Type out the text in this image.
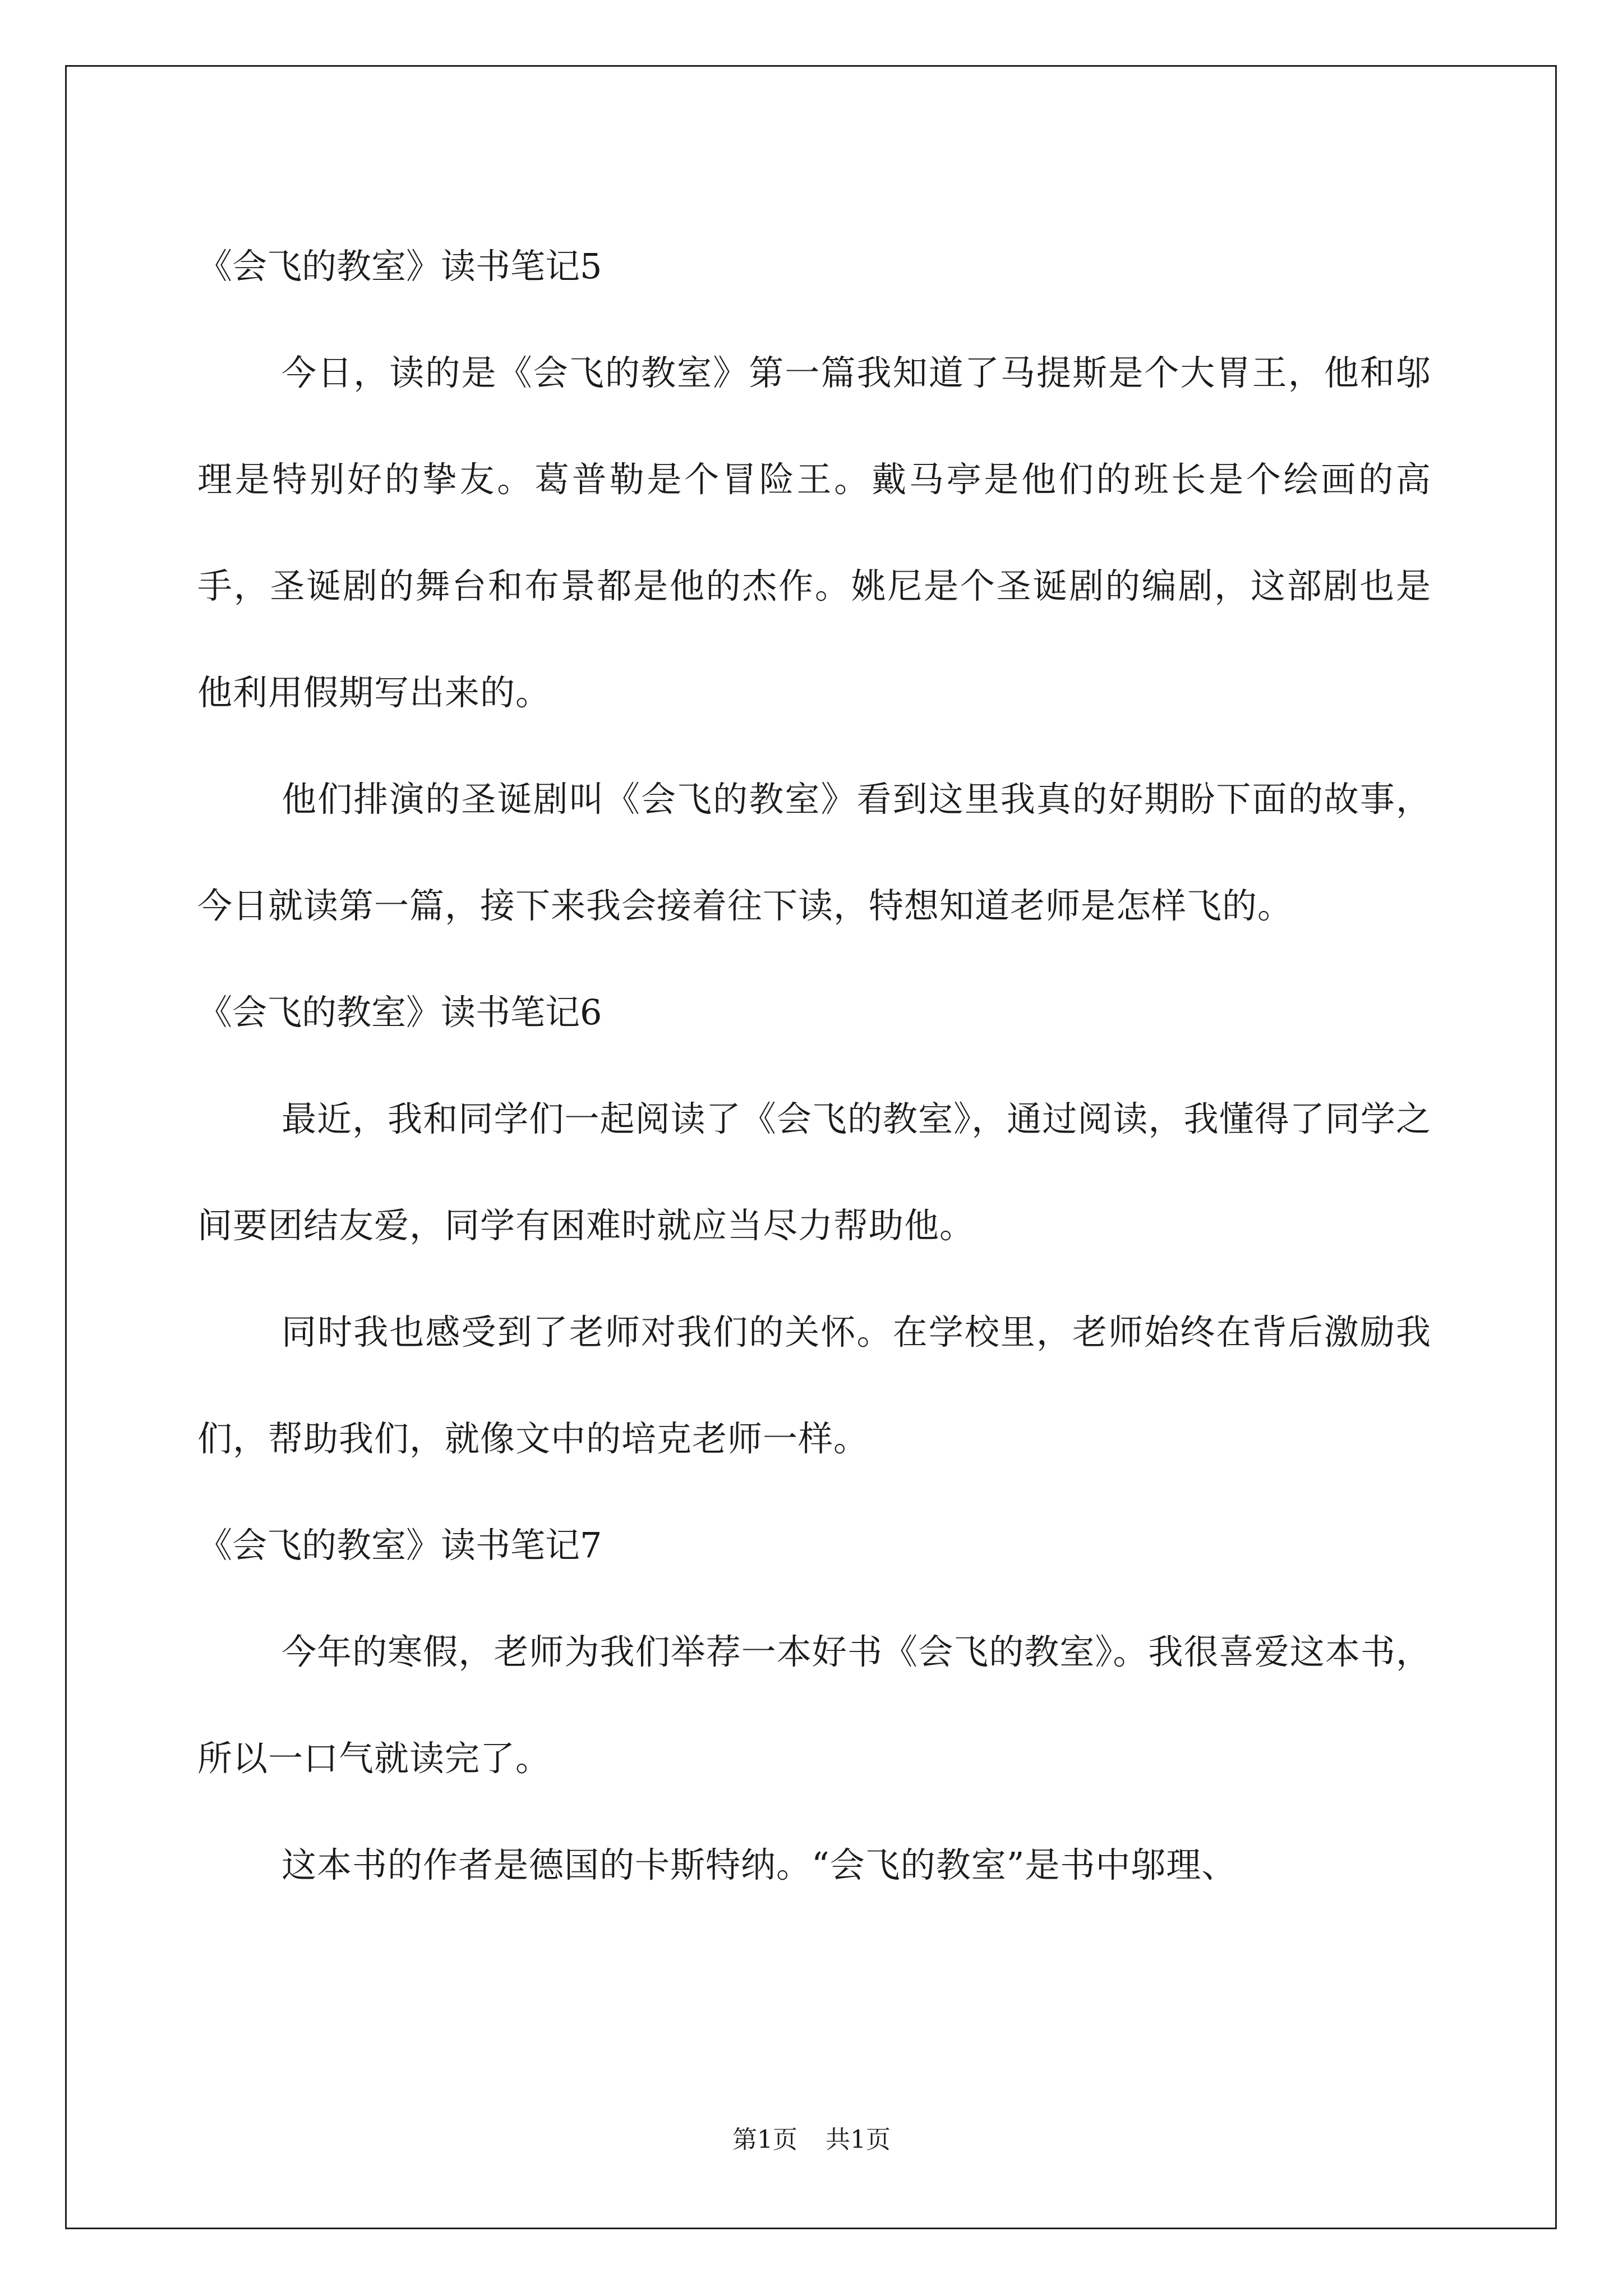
《会飞的教室》读书笔记5

今日，读的是《会飞的教室》第一篇我知道了马提斯是个大胃王，他和邬理是特别好的挚友。葛普勒是个冒险王。戴马亭是他们的班长是个绘画的高手，圣诞剧的舞台和布景都是他的杰作。姚尼是个圣诞剧的编剧，这部剧也是他利用假期写出来的。

他们排演的圣诞剧叫《会飞的教室》看到这里我真的好期盼下面的故事，今日就读第一篇，接下来我会接着往下读，特想知道老师是怎样飞的。

《会飞的教室》读书笔记6

最近，我和同学们一起阅读了《会飞的教室》，通过阅读，我懂得了同学之间要团结友爱，同学有困难时就应当尽力帮助他。

同时我也感受到了老师对我们的关怀。在学校里，老师始终在背后激励我们，帮助我们，就像文中的培克老师一样。

《会飞的教室》读书笔记7

今年的寒假，老师为我们举荐一本好书《会飞的教室》。我很喜爱这本书，所以一口气就读完了。

这本书的作者是德国的卡斯特纳。“会飞的教室”是书中邬理、

第1页 共1页
